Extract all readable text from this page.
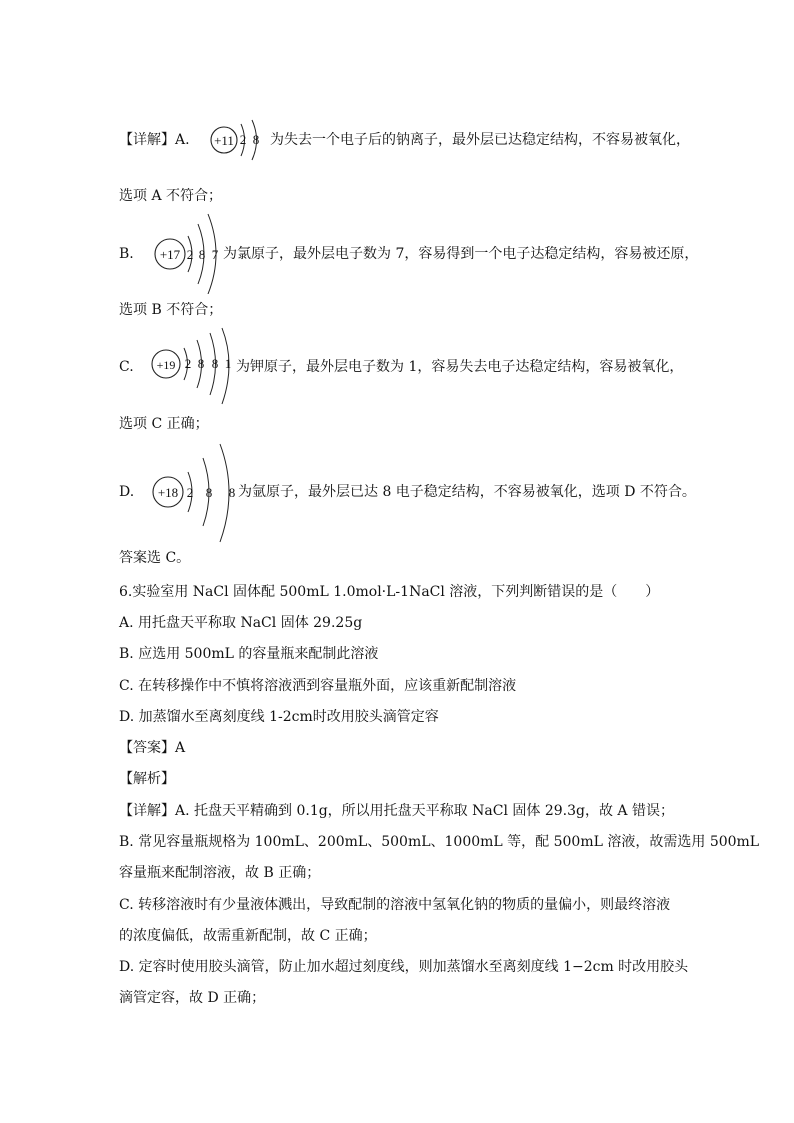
【详解】A. +11 2 8 为失去一个电子后的钠离子，最外层已达稳定结构，不容易被氧化，
选项 A 不符合；
B. +17 2 8 7 为氯原子，最外层电子数为 7，容易得到一个电子达稳定结构，容易被还原，
选项 B 不符合；
C. +19 2 8 8 1 为钾原子，最外层电子数为 1，容易失去电子达稳定结构，容易被氧化，
选项 C 正确；
D. +18 2 8 8 为氩原子，最外层已达 8 电子稳定结构，不容易被氧化，选项 D 不符合。
答案选 C。
6.实验室用 NaCl 固体配 500mL 1.0mol·L-1NaCl 溶液，下列判断错误的是（　　）
A. 用托盘天平称取 NaCl 固体 29.25g
B. 应选用 500mL 的容量瓶来配制此溶液
C. 在转移操作中不慎将溶液洒到容量瓶外面，应该重新配制溶液
D. 加蒸馏水至离刻度线 1-2cm时改用胶头滴管定容
【答案】A
【解析】
【详解】A. 托盘天平精确到 0.1g，所以用托盘天平称取 NaCl 固体 29.3g，故 A 错误；
B. 常见容量瓶规格为 100mL、200mL、500mL、1000mL 等，配 500mL 溶液，故需选用 500mL
容量瓶来配制溶液，故 B 正确；
C. 转移溶液时有少量液体溅出，导致配制的溶液中氢氧化钠的物质的量偏小，则最终溶液
的浓度偏低，故需重新配制，故 C 正确；
D. 定容时使用胶头滴管，防止加水超过刻度线，则加蒸馏水至离刻度线 1−2cm 时改用胶头
滴管定容，故 D 正确；
